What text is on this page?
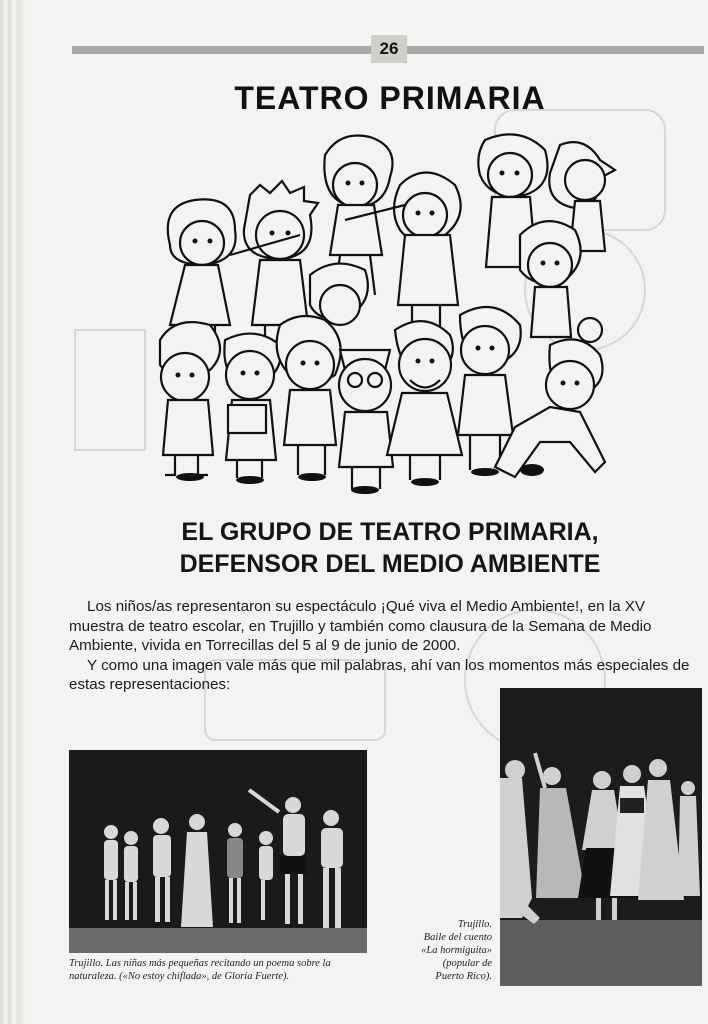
26
TEATRO PRIMARIA
EL GRUPO DE TEATRO PRIMARIA,
DEFENSOR DEL MEDIO AMBIENTE

Los niños/as representaron su espectáculo ¡Qué viva el Medio Ambiente!, en la XV muestra de teatro escolar, en Trujillo y también como clausura de la Semana de Medio Ambiente, vivida en Torrecillas del 5 al 9 de junio de 2000.

Y como una imagen vale más que mil palabras, ahí van los momentos más especiales de estas representaciones:

Trujillo. Las niñas más pequeñas recitando un poema sobre la naturaleza. («No estoy chiflada», de Gloria Fuerte).
Trujillo.
Baile del cuento
«La hormiguita»
(popular de
Puerto Rico).
